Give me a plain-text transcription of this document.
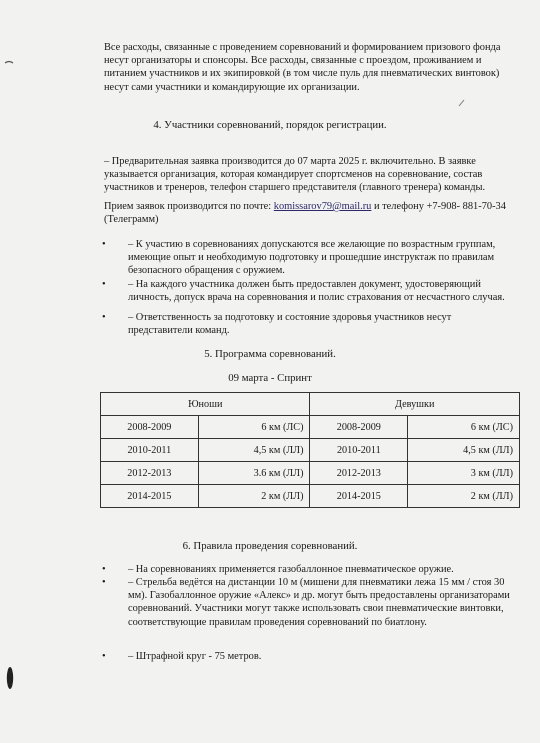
Все расходы, связанные с проведением соревнований и формированием призового фонда несут организаторы и спонсоры. Все расходы, связанные с проездом, проживанием и питанием участников и их экипировкой (в том числе пуль для пневматических винтовок) несут сами участники и командирующие их организации.

4. Участники соревнований, порядок регистрации.

– Предварительная заявка производится до 07 марта 2025 г. включительно. В заявке указывается организация, которая командирует спортсменов на соревнование, состав участников и тренеров, телефон старшего представителя (главного тренера) команды.

Прием заявок производится по почте: komissarov79@mail.ru и телефону +7-908- 881-70-34 (Телеграмм)

•	– К участию в соревнованиях допускаются все желающие по возрастным группам, имеющие опыт и необходимую подготовку и прошедшие инструктаж по правилам безопасного обращения с оружием.

•	– На каждого участника должен быть предоставлен документ, удостоверяющий личность, допуск врача на соревнования и полис страхования от несчастного случая.

•	– Ответственность за подготовку и состояние здоровья участников несут представители команд.

5. Программа соревнований.

09 марта - Спринт

Юноши		Девушки	
2008-2009	6 км (ЛС)	2008-2009	6 км (ЛС)
2010-2011	4,5 км (ЛЛ)	2010-2011	4,5 км (ЛЛ)
2012-2013	3.6 км (ЛЛ)	2012-2013	3 км (ЛЛ)
2014-2015	2 км (ЛЛ)	2014-2015	2 км (ЛЛ)

6. Правила проведения соревнований.

•	– На соревнованиях применяется газобаллонное пневматическое оружие.

•	– Стрельба ведётся на дистанции 10 м (мишени для пневматики лежа 15 мм / стоя 30 мм). Газобаллонное оружие «Алекс» и др. могут быть предоставлены организаторами соревнований. Участники могут также использовать свои пневматические винтовки, соответствующие правилам проведения соревнований по биатлону.

•	– Штрафной круг - 75 метров.
